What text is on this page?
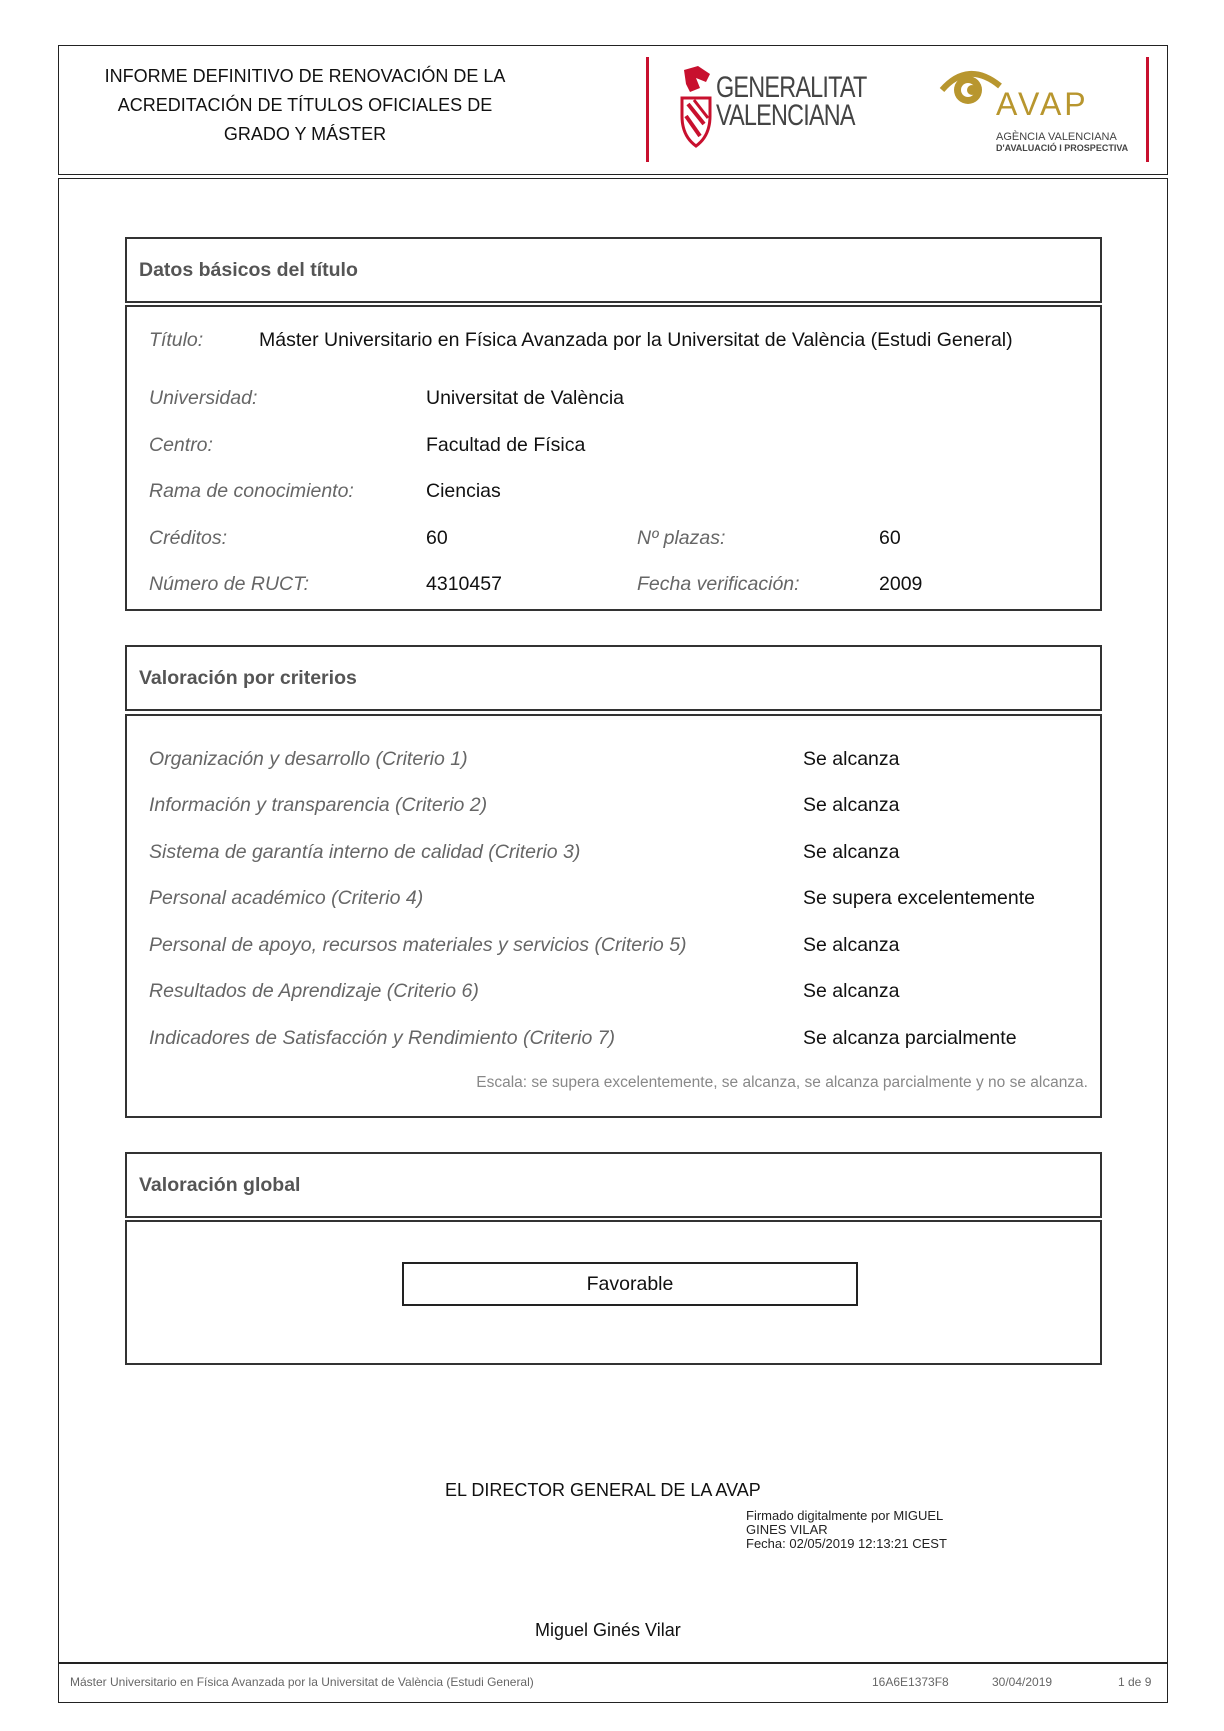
INFORME DEFINITIVO DE RENOVACIÓN DE LA ACREDITACIÓN DE TÍTULOS OFICIALES DE GRADO Y MÁSTER
GENERALITAT
VALENCIANA	AVAP
AGÈNCIA VALENCIANA
D'AVALUACIÓ I PROSPECTIVA
Datos básicos del título
Título:	Máster Universitario en Física Avanzada por la Universitat de València (Estudi General)
Universidad:	Universitat de València
Centro:	Facultad de Física
Rama de conocimiento:	Ciencias
Créditos:	60	Nº plazas:	60
Número de RUCT:	4310457	Fecha verificación:	2009
Valoración por criterios
Organización y desarrollo (Criterio 1)	Se alcanza
Información y transparencia (Criterio 2)	Se alcanza
Sistema de garantía interno de calidad (Criterio 3)	Se alcanza
Personal académico (Criterio 4)	Se supera excelentemente
Personal de apoyo, recursos materiales y servicios (Criterio 5)	Se alcanza
Resultados de Aprendizaje (Criterio 6)	Se alcanza
Indicadores de Satisfacción y Rendimiento (Criterio 7)	Se alcanza parcialmente
Escala: se supera excelentemente, se alcanza, se alcanza parcialmente y no se alcanza.
Valoración global
Favorable
EL DIRECTOR GENERAL DE LA AVAP
Firmado digitalmente por MIGUEL
GINES VILAR
Fecha: 02/05/2019 12:13:21 CEST
Miguel Ginés Vilar
Máster Universitario en Física Avanzada por la Universitat de València (Estudi General)	16A6E1373F8	30/04/2019	1 de 9
